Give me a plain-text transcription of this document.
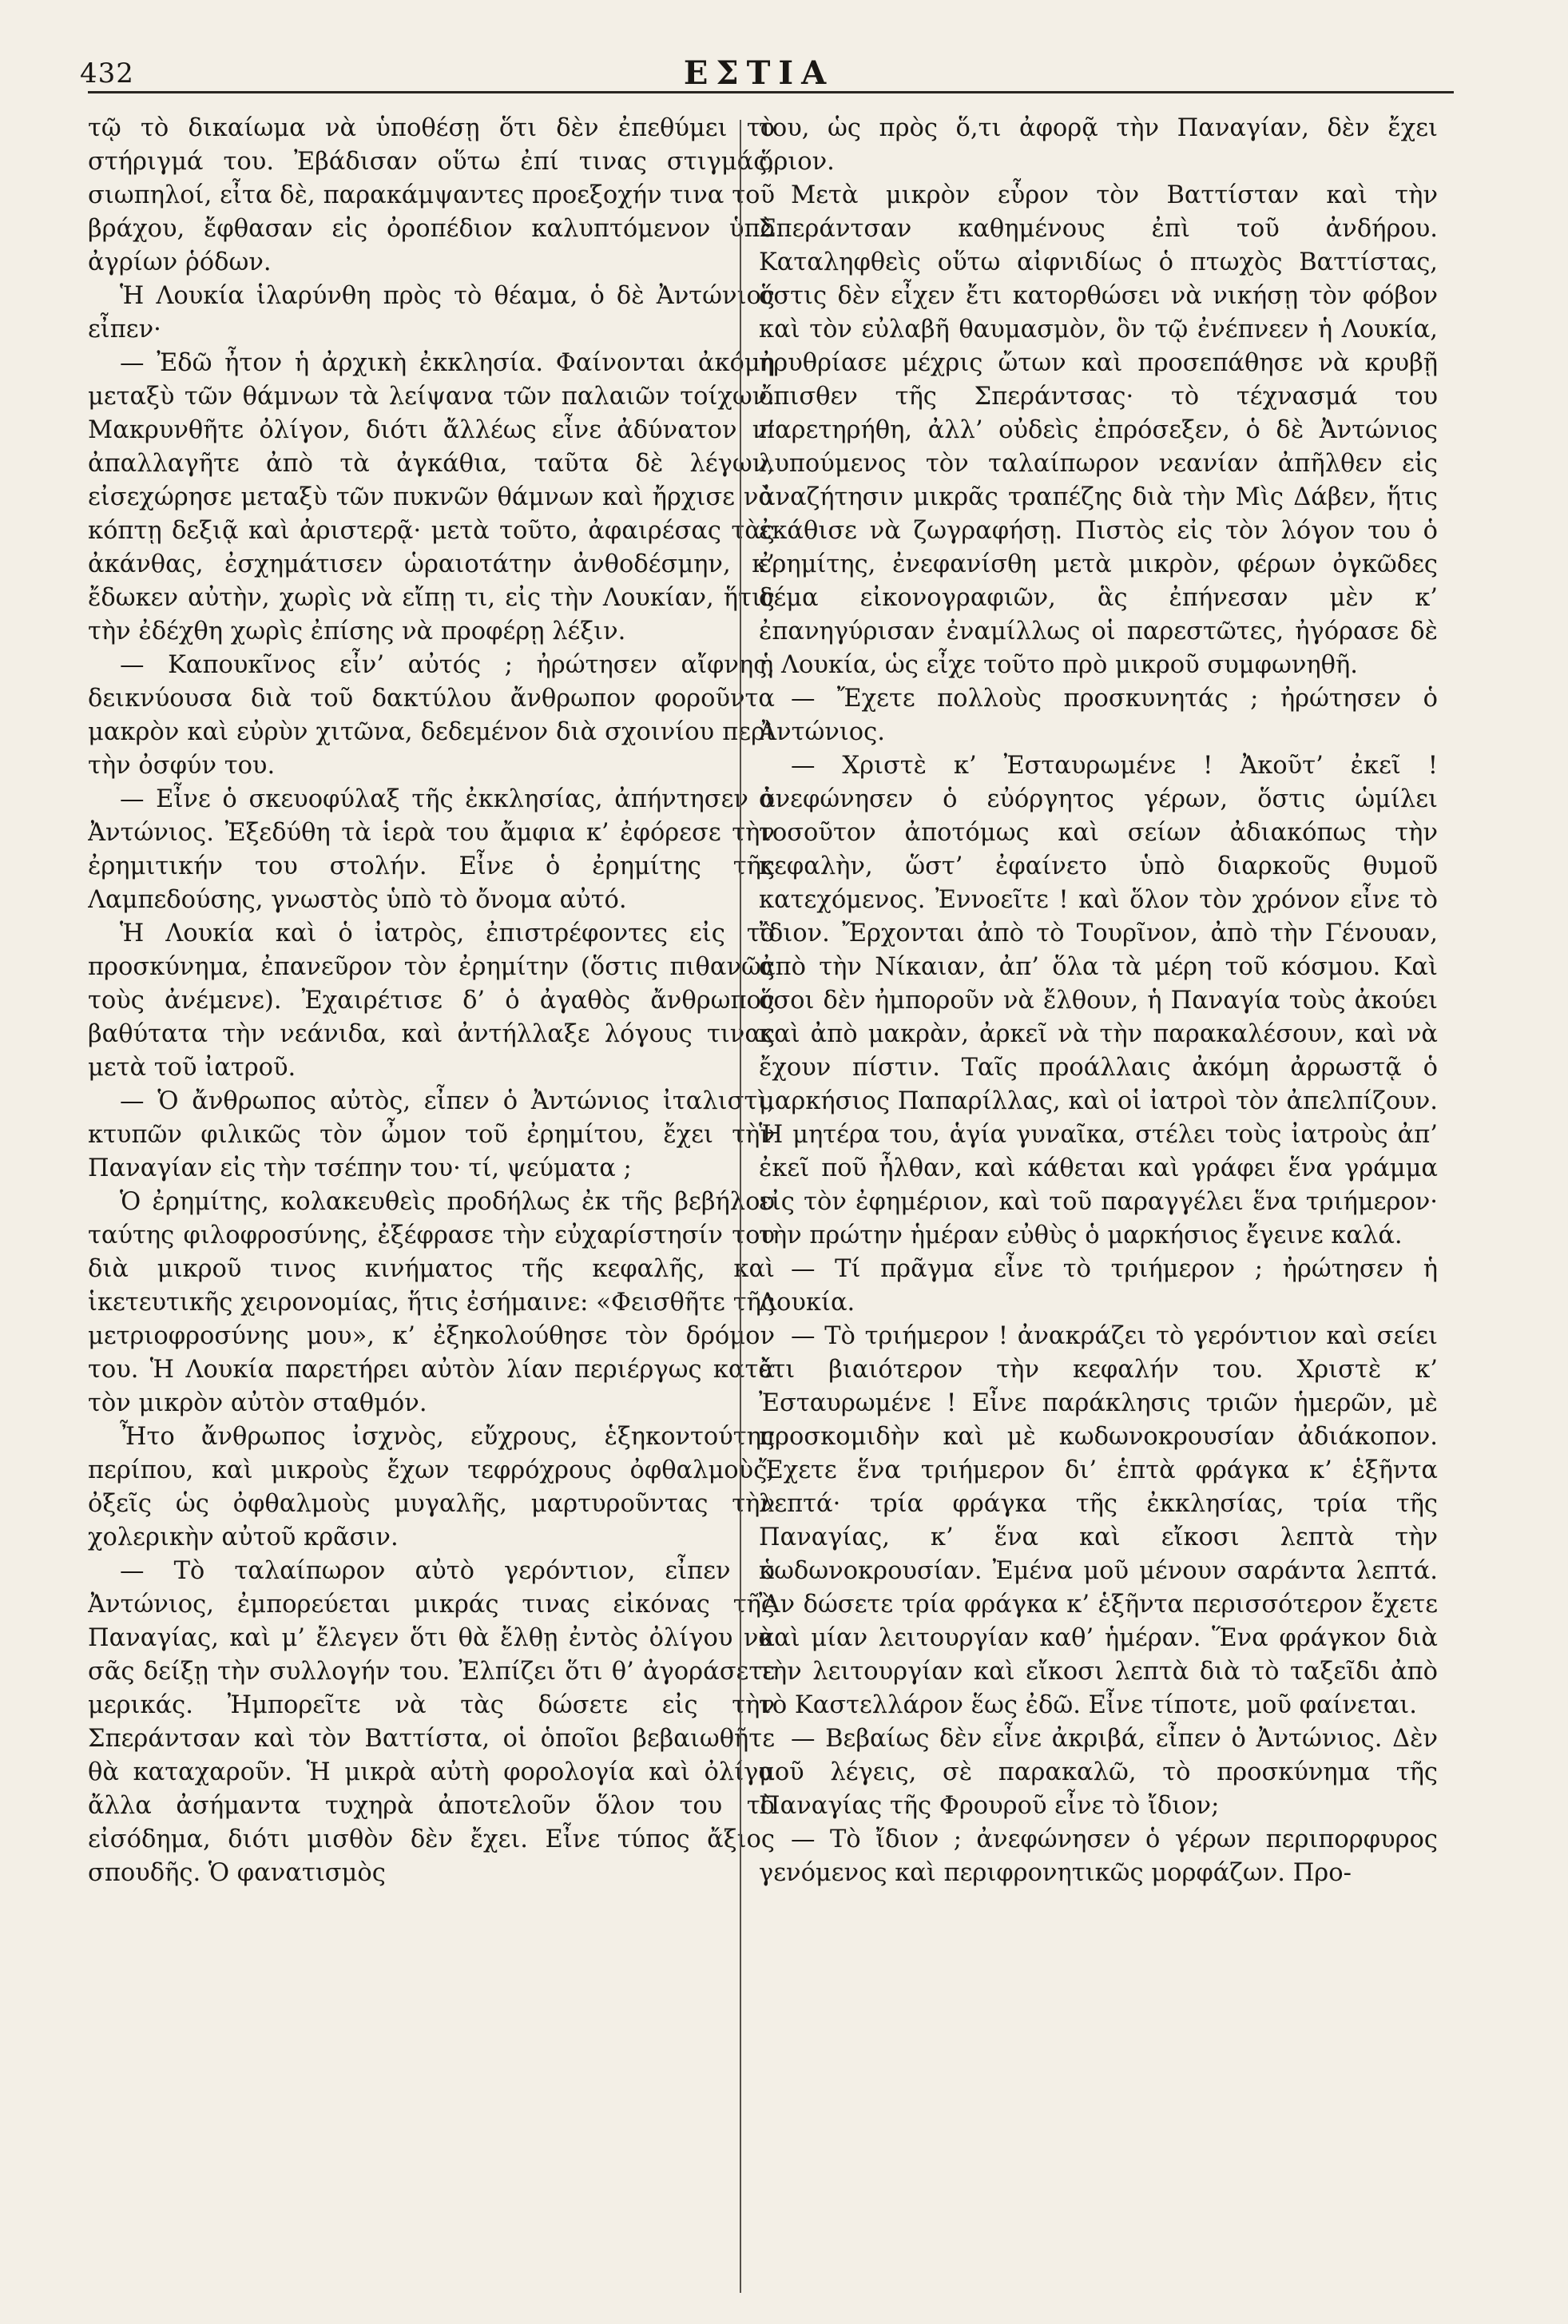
432	ΕΣΤΙΑ

τῷ τὸ δικαίωμα νὰ ὑποθέσῃ ὅτι δὲν ἐπεθύμει τὸ στήριγμά του. Ἐβάδισαν οὕτω ἐπί τινας στιγμάς, σιωπηλοί, εἶτα δὲ, παρακάμψαντες προεξοχήν τινα τοῦ βράχου, ἔφθασαν εἰς ὀροπέδιον καλυπτόμενον ὑπὸ ἀγρίων ῥόδων.

Ἡ Λουκία ἱλαρύνθη πρὸς τὸ θέαμα, ὁ δὲ Ἀντώνιος εἶπεν·

— Ἐδῶ ἦτον ἡ ἀρχικὴ ἐκκλησία. Φαίνονται ἀκόμη μεταξὺ τῶν θάμνων τὰ λείψανα τῶν παλαιῶν τοίχων. Μακρυνθῆτε ὀλίγον, διότι ἄλλέως εἶνε ἀδύνατον ν’ ἀπαλλαγῆτε ἀπὸ τὰ ἀγκάθια, ταῦτα δὲ λέγων, εἰσεχώρησε μεταξὺ τῶν πυκνῶν θάμνων καὶ ἤρχισε νὰ κόπτῃ δεξιᾷ καὶ ἀριστερᾷ· μετὰ τοῦτο, ἀφαιρέσας τὰς ἀκάνθας, ἐσχημάτισεν ὡραιοτάτην ἀνθοδέσμην, κ’ ἔδωκεν αὐτὴν, χωρὶς νὰ εἴπῃ τι, εἰς τὴν Λουκίαν, ἥτις τὴν ἐδέχθη χωρὶς ἐπίσης νὰ προφέρῃ λέξιν.

— Καπουκῖνος εἶν’ αὐτός ; ἠρώτησεν αἴφνης, δεικνύουσα διὰ τοῦ δακτύλου ἄνθρωπον φοροῦντα μακρὸν καὶ εὐρὺν χιτῶνα, δεδεμένον διὰ σχοινίου περὶ τὴν ὀσφύν του.

— Εἶνε ὁ σκευοφύλαξ τῆς ἐκκλησίας, ἀπήντησεν ὁ Ἀντώνιος. Ἐξεδύθη τὰ ἱερὰ του ἄμφια κ’ ἐφόρεσε τὴν ἐρημιτικήν του στολήν. Εἶνε ὁ ἐρημίτης τῆς Λαμπεδούσης, γνωστὸς ὑπὸ τὸ ὄνομα αὐτό.

Ἡ Λουκία καὶ ὁ ἰατρὸς, ἐπιστρέφοντες εἰς τὸ προσκύνημα, ἐπανεῦρον τὸν ἐρημίτην (ὅστις πιθανῶς τοὺς ἀνέμενε). Ἐχαιρέτισε δ’ ὁ ἀγαθὸς ἄνθρωπος βαθύτατα τὴν νεάνιδα, καὶ ἀντήλλαξε λόγους τινας μετὰ τοῦ ἰατροῦ.

— Ὁ ἄνθρωπος αὐτὸς, εἶπεν ὁ Ἀντώνιος ἰταλιστὶ, κτυπῶν φιλικῶς τὸν ὦμον τοῦ ἐρημίτου, ἔχει τὴν Παναγίαν εἰς τὴν τσέπην του· τί, ψεύματα ;

Ὁ ἐρημίτης, κολακευθεὶς προδήλως ἐκ τῆς βεβήλου ταύτης φιλοφροσύνης, ἐξέφρασε τὴν εὐχαρίστησίν του διὰ μικροῦ τινος κινήματος τῆς κεφαλῆς, καὶ ἱκετευτικῆς χειρονομίας, ἥτις ἐσήμαινε: «Φεισθῆτε τῆς μετριοφροσύνης μου», κ’ ἐξηκολούθησε τὸν δρόμον του. Ἡ Λουκία παρετήρει αὐτὸν λίαν περιέργως κατὰ τὸν μικρὸν αὐτὸν σταθμόν.

Ἦτο ἄνθρωπος ἰσχνὸς, εὔχρους, ἑξηκοντούτης περίπου, καὶ μικροὺς ἔχων τεφρόχρους ὀφθαλμοὺς, ὀξεῖς ὡς ὀφθαλμοὺς μυγαλῆς, μαρτυροῦντας τὴν χολερικὴν αὐτοῦ κρᾶσιν.

— Τὸ ταλαίπωρον αὐτὸ γερόντιον, εἶπεν ὁ Ἀντώνιος, ἐμπορεύεται μικράς τινας εἰκόνας τῆς Παναγίας, καὶ μ’ ἔλεγεν ὅτι θὰ ἔλθῃ ἐντὸς ὀλίγου νὰ σᾶς δείξῃ τὴν συλλογήν του. Ἐλπίζει ὅτι θ’ ἀγοράσετε μερικάς. Ἠμπορεῖτε νὰ τὰς δώσετε εἰς τὴν Σπεράντσαν καὶ τὸν Βαττίστα, οἱ ὁποῖοι βεβαιωθῆτε θὰ καταχαροῦν. Ἡ μικρὰ αὐτὴ φορολογία καὶ ὀλίγα ἄλλα ἀσήμαντα τυχηρὰ ἀποτελοῦν ὅλον του τὸ εἰσόδημα, διότι μισθὸν δὲν ἔχει. Εἶνε τύπος ἄξιος σπουδῆς. Ὁ φανατισμὸς

του, ὡς πρὸς ὅ,τι ἀφορᾷ τὴν Παναγίαν, δὲν ἔχει ὅριον.

Μετὰ μικρὸν εὗρον τὸν Βαττίσταν καὶ τὴν Σπεράντσαν καθημένους ἐπὶ τοῦ ἀνδήρου. Καταληφθεὶς οὕτω αἰφνιδίως ὁ πτωχὸς Βαττίστας, ὅστις δὲν εἶχεν ἔτι κατορθώσει νὰ νικήσῃ τὸν φόβον καὶ τὸν εὐλαβῆ θαυμασμὸν, ὃν τῷ ἐνέπνεεν ἡ Λουκία, ἠρυθρίασε μέχρις ὤτων καὶ προσεπάθησε νὰ κρυβῇ ὄπισθεν τῆς Σπεράντσας· τὸ τέχνασμά του παρετηρήθη, ἀλλ’ οὐδεὶς ἐπρόσεξεν, ὁ δὲ Ἀντώνιος λυπούμενος τὸν ταλαίπωρον νεανίαν ἀπῆλθεν εἰς ἀναζήτησιν μικρᾶς τραπέζης διὰ τὴν Μὶς Δάβεν, ἥτις ἐκάθισε νὰ ζωγραφήσῃ. Πιστὸς εἰς τὸν λόγον του ὁ ἐρημίτης, ἐνεφανίσθη μετὰ μικρὸν, φέρων ὀγκῶδες δέμα εἰκονογραφιῶν, ἃς ἐπήνεσαν μὲν κ’ ἐπανηγύρισαν ἐναμίλλως οἱ παρεστῶτες, ἠγόρασε δὲ ἡ Λουκία, ὡς εἶχε τοῦτο πρὸ μικροῦ συμφωνηθῆ.

— Ἔχετε πολλοὺς προσκυνητάς ; ἠρώτησεν ὁ Ἀντώνιος.

— Χριστὲ κ’ Ἐσταυρωμένε ! Ἀκοῦτ’ ἐκεῖ ! ἀνεφώνησεν ὁ εὐόργητος γέρων, ὅστις ὡμίλει τοσοῦτον ἀποτόμως καὶ σείων ἀδιακόπως τὴν κεφαλὴν, ὥστ’ ἐφαίνετο ὑπὸ διαρκοῦς θυμοῦ κατεχόμενος. Ἐννοεῖτε ! καὶ ὅλον τὸν χρόνον εἶνε τὸ ἴδιον. Ἔρχονται ἀπὸ τὸ Τουρῖνον, ἀπὸ τὴν Γένουαν, ἀπὸ τὴν Νίκαιαν, ἀπ’ ὅλα τὰ μέρη τοῦ κόσμου. Καὶ ὅσοι δὲν ἠμποροῦν νὰ ἔλθουν, ἡ Παναγία τοὺς ἀκούει καὶ ἀπὸ μακρὰν, ἀρκεῖ νὰ τὴν παρακαλέσουν, καὶ νὰ ἔχουν πίστιν. Ταῖς προάλλαις ἀκόμη ἀρρωστᾷ ὁ μαρκήσιος Παπαρίλλας, καὶ οἱ ἰατροὶ τὸν ἀπελπίζουν. Ἡ μητέρα του, ἁγία γυναῖκα, στέλει τοὺς ἰατροὺς ἀπ’ ἐκεῖ ποῦ ἦλθαν, καὶ κάθεται καὶ γράφει ἕνα γράμμα εἰς τὸν ἐφημέριον, καὶ τοῦ παραγγέλει ἕνα τριήμερον· τὴν πρώτην ἡμέραν εὐθὺς ὁ μαρκήσιος ἔγεινε καλά.

— Τί πρᾶγμα εἶνε τὸ τριήμερον ; ἠρώτησεν ἡ Λουκία.

— Τὸ τριήμερον ! ἀνακράζει τὸ γερόντιον καὶ σείει ἔτι βιαιότερον τὴν κεφαλήν του. Χριστὲ κ’ Ἐσταυρωμένε ! Εἶνε παράκλησις τριῶν ἡμερῶν, μὲ προσκομιδὴν καὶ μὲ κωδωνοκρουσίαν ἀδιάκοπον. Ἔχετε ἕνα τριήμερον δι’ ἑπτὰ φράγκα κ’ ἑξῆντα λεπτά· τρία φράγκα τῆς ἐκκλησίας, τρία τῆς Παναγίας, κ’ ἕνα καὶ εἴκοσι λεπτὰ τὴν κωδωνοκρουσίαν. Ἐμένα μοῦ μένουν σαράντα λεπτά. Ἂν δώσετε τρία φράγκα κ’ ἑξῆντα περισσότερον ἔχετε καὶ μίαν λειτουργίαν καθ’ ἡμέραν. Ἕνα φράγκον διὰ τὴν λειτουργίαν καὶ εἴκοσι λεπτὰ διὰ τὸ ταξεῖδι ἀπὸ τὸ Καστελλάρον ἕως ἐδῶ. Εἶνε τίποτε, μοῦ φαίνεται.

— Βεβαίως δὲν εἶνε ἀκριβά, εἶπεν ὁ Ἀντώνιος. Δὲν μοῦ λέγεις, σὲ παρακαλῶ, τὸ προσκύνημα τῆς Παναγίας τῆς Φρουροῦ εἶνε τὸ ἴδιον;

— Τὸ ἴδιον ; ἀνεφώνησεν ὁ γέρων περιπορφυρος γενόμενος καὶ περιφρονητικῶς μορφάζων. Προ-
